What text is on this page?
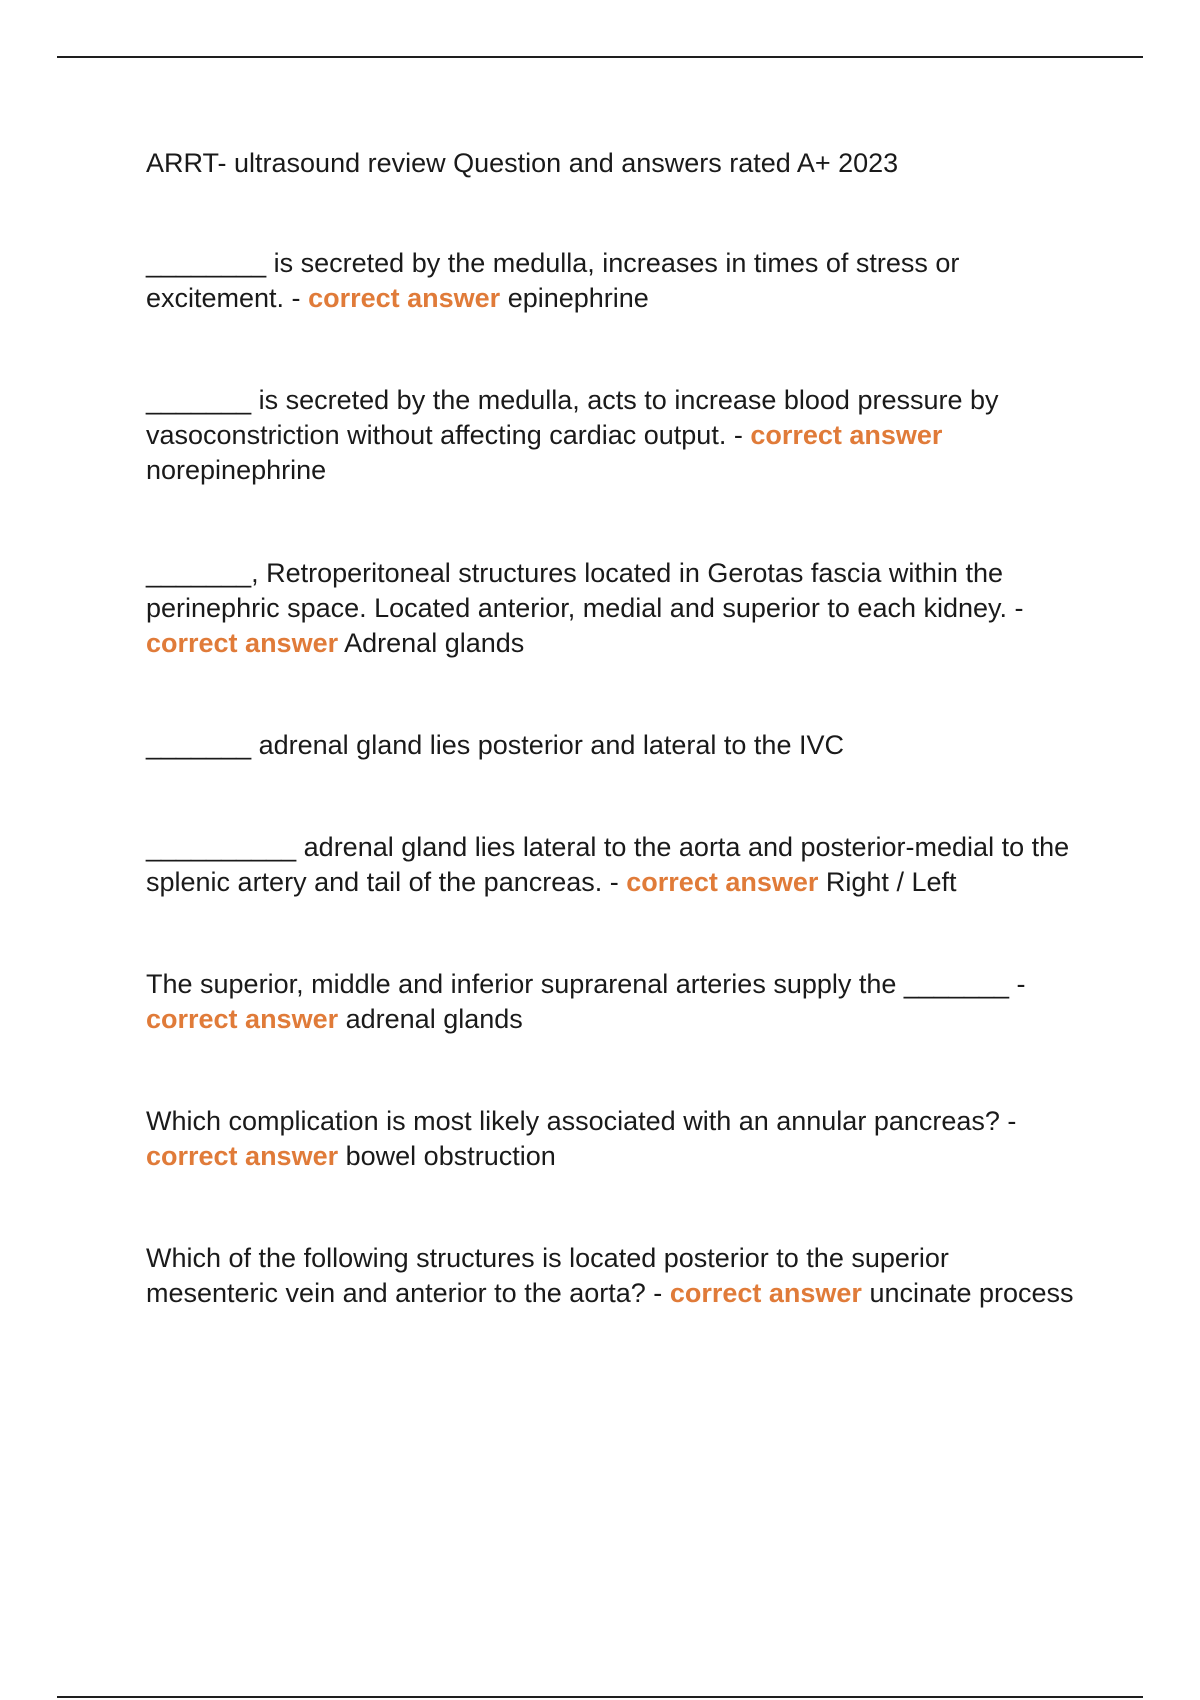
ARRT- ultrasound review Question and answers rated A+ 2023
________ is secreted by the medulla, increases in times of stress or excitement. - correct answer epinephrine
_______ is secreted by the medulla, acts to increase blood pressure by vasoconstriction without affecting cardiac output. - correct answer norepinephrine
_______, Retroperitoneal structures located in Gerotas fascia within the perinephric space. Located anterior, medial and superior to each kidney. - correct answer Adrenal glands
_______ adrenal gland lies posterior and lateral to the IVC
__________ adrenal gland lies lateral to the aorta and posterior-medial to the splenic artery and tail of the pancreas. - correct answer Right / Left
The superior, middle and inferior suprarenal arteries supply the _______ - correct answer adrenal glands
Which complication is most likely associated with an annular pancreas? - correct answer bowel obstruction
Which of the following structures is located posterior to the superior mesenteric vein and anterior to the aorta? - correct answer uncinate process
